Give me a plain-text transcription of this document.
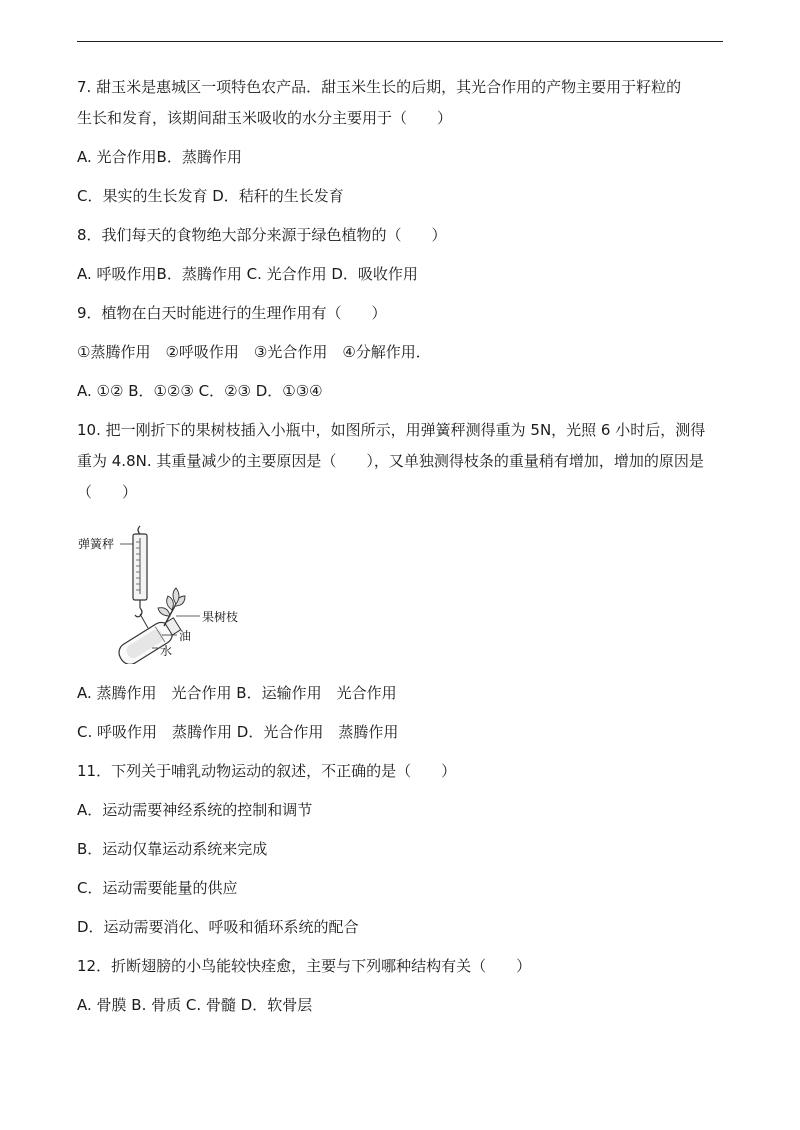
7. 甜玉米是惠城区一项特色农产品．甜玉米生长的后期，其光合作用的产物主要用于籽粒的
生长和发育，该期间甜玉米吸收的水分主要用于（　　）
A. 光合作用B．蒸腾作用
C．果实的生长发育 D．秸秆的生长发育
8．我们每天的食物绝大部分来源于绿色植物的（　　）
A. 呼吸作用B．蒸腾作用 C. 光合作用 D．吸收作用
9．植物在白天时能进行的生理作用有（　　）
①蒸腾作用　②呼吸作用　③光合作用　④分解作用．
A. ①② B．①②③ C．②③ D．①③④
10. 把一刚折下的果树枝插入小瓶中，如图所示，用弹簧秤测得重为 5N，光照 6 小时后，测得
重为 4.8N. 其重量减少的主要原因是（　　），又单独测得枝条的重量稍有增加，增加的原因是
（　　）
弹簧秤
果树枝
油
水
A. 蒸腾作用　光合作用 B．运输作用　光合作用
C. 呼吸作用　蒸腾作用 D．光合作用　蒸腾作用
11．下列关于哺乳动物运动的叙述，不正确的是（　　）
A．运动需要神经系统的控制和调节
B．运动仅靠运动系统来完成
C．运动需要能量的供应
D．运动需要消化、呼吸和循环系统的配合
12．折断翅膀的小鸟能较快痊愈，主要与下列哪种结构有关（　　）
A. 骨膜 B. 骨质 C. 骨髓 D．软骨层
